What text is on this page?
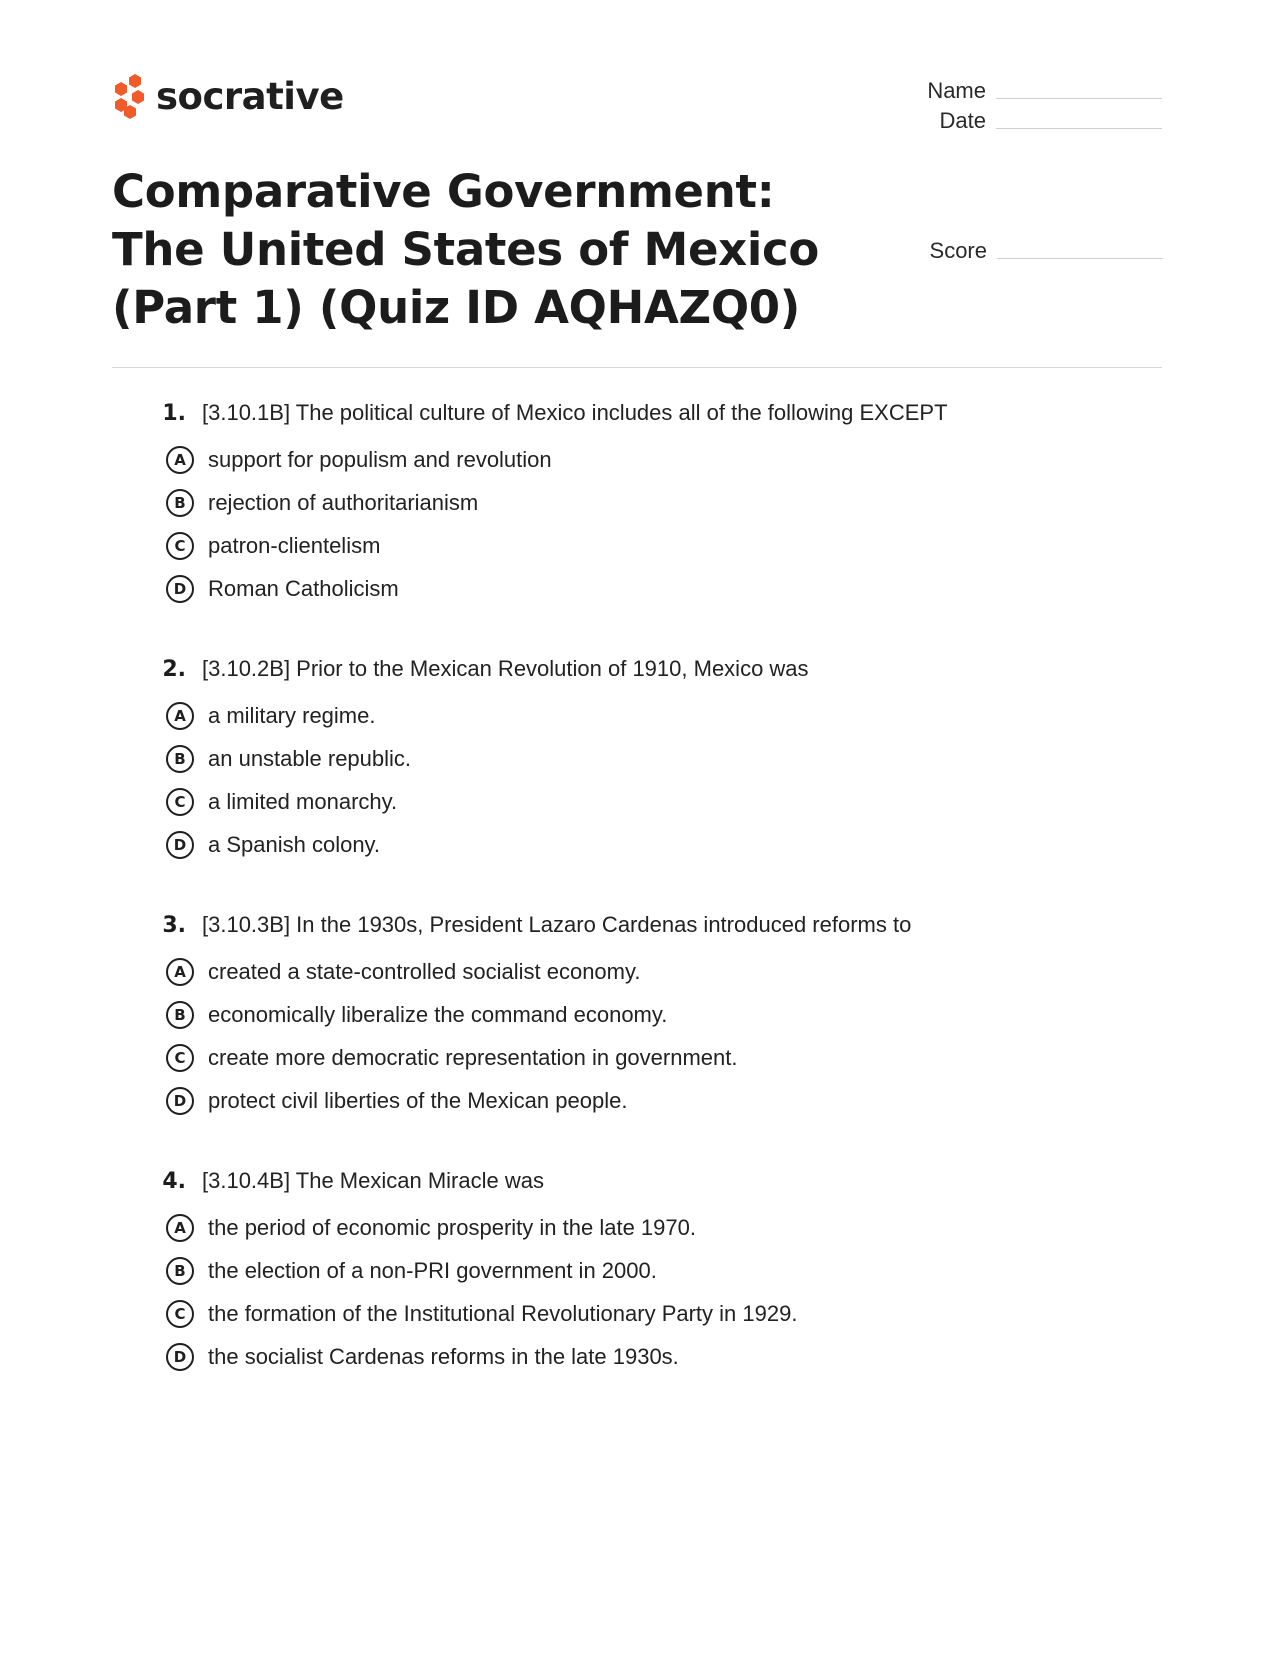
socrative	Name
Date
Comparative Government: The United States of Mexico (Part 1) (Quiz ID AQHAZQ0)
Score
1. [3.10.1B] The political culture of Mexico includes all of the following EXCEPT
A	support for populism and revolution
B	rejection of authoritarianism
C	patron-clientelism
D Roman Catholicism
2. [3.10.2B] Prior to the Mexican Revolution of 1910, Mexico was
A	a military regime.
B	an unstable republic.
C	a limited monarchy.
D a Spanish colony.
3. [3.10.3B] In the 1930s, President Lazaro Cardenas introduced reforms to
A	created a state-controlled socialist economy.
B	economically liberalize the command economy.
C	create more democratic representation in government.
D protect civil liberties of the Mexican people.
4. [3.10.4B] The Mexican Miracle was
A	the period of economic prosperity in the late 1970.
B	the election of a non-PRI government in 2000.
C	the formation of the Institutional Revolutionary Party in 1929.
D the socialist Cardenas reforms in the late 1930s.
